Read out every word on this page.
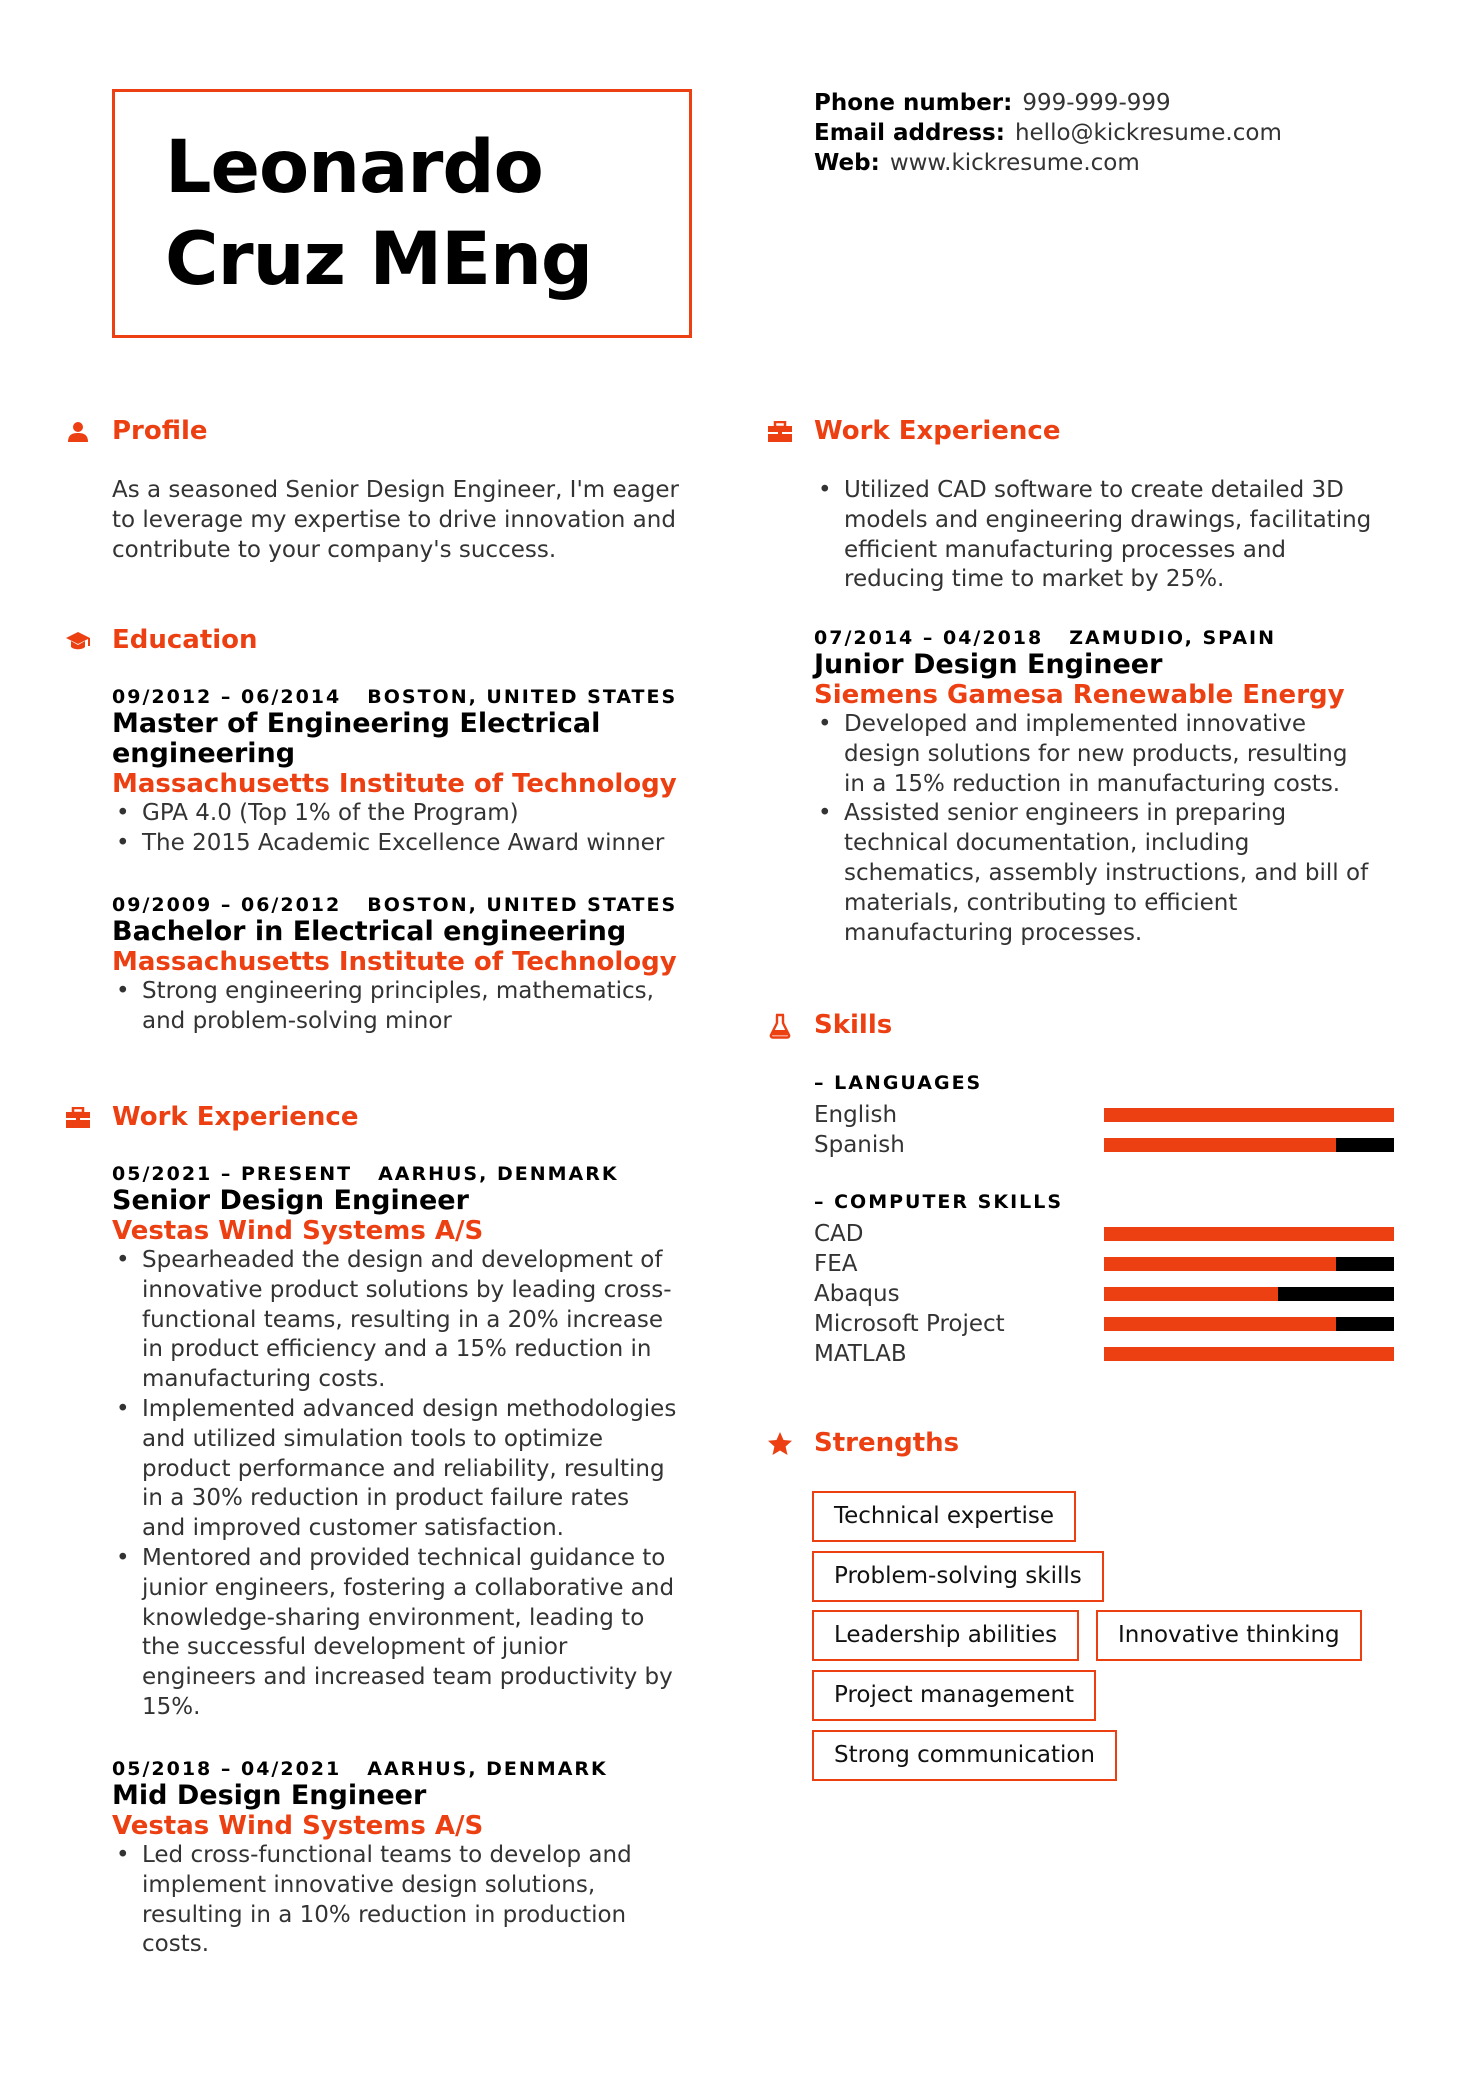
Leonardo
Cruz MEng
Phone number: 999-999-999
Email address: hello@kickresume.com
Web: www.kickresume.com
Profile
As a seasoned Senior Design Engineer, I'm eager
to leverage my expertise to drive innovation and
contribute to your company's success.
Education
09/2012 – 06/2014 BOSTON, UNITED STATES
Master of Engineering Electrical
engineering
Massachusetts Institute of Technology
• GPA 4.0 (Top 1% of the Program)
• The 2015 Academic Excellence Award winner
09/2009 – 06/2012 BOSTON, UNITED STATES
Bachelor in Electrical engineering
Massachusetts Institute of Technology
• Strong engineering principles, mathematics,
and problem-solving minor
Work Experience
05/2021 – PRESENT AARHUS, DENMARK
Senior Design Engineer
Vestas Wind Systems A/S
• Spearheaded the design and development of
innovative product solutions by leading cross-
functional teams, resulting in a 20% increase
in product efficiency and a 15% reduction in
manufacturing costs.
• Implemented advanced design methodologies
and utilized simulation tools to optimize
product performance and reliability, resulting
in a 30% reduction in product failure rates
and improved customer satisfaction.
• Mentored and provided technical guidance to
junior engineers, fostering a collaborative and
knowledge-sharing environment, leading to
the successful development of junior
engineers and increased team productivity by
15%.
05/2018 – 04/2021 AARHUS, DENMARK
Mid Design Engineer
Vestas Wind Systems A/S
• Led cross-functional teams to develop and
implement innovative design solutions,
resulting in a 10% reduction in production
costs.
Work Experience
• Utilized CAD software to create detailed 3D
models and engineering drawings, facilitating
efficient manufacturing processes and
reducing time to market by 25%.
07/2014 – 04/2018 ZAMUDIO, SPAIN
Junior Design Engineer
Siemens Gamesa Renewable Energy
• Developed and implemented innovative
design solutions for new products, resulting
in a 15% reduction in manufacturing costs.
• Assisted senior engineers in preparing
technical documentation, including
schematics, assembly instructions, and bill of
materials, contributing to efficient
manufacturing processes.
Skills
– LANGUAGES
English
Spanish
– COMPUTER SKILLS
CAD
FEA
Abaqus
Microsoft Project
MATLAB
Strengths
Technical expertise
Problem-solving skills
Leadership abilities	Innovative thinking
Project management
Strong communication
